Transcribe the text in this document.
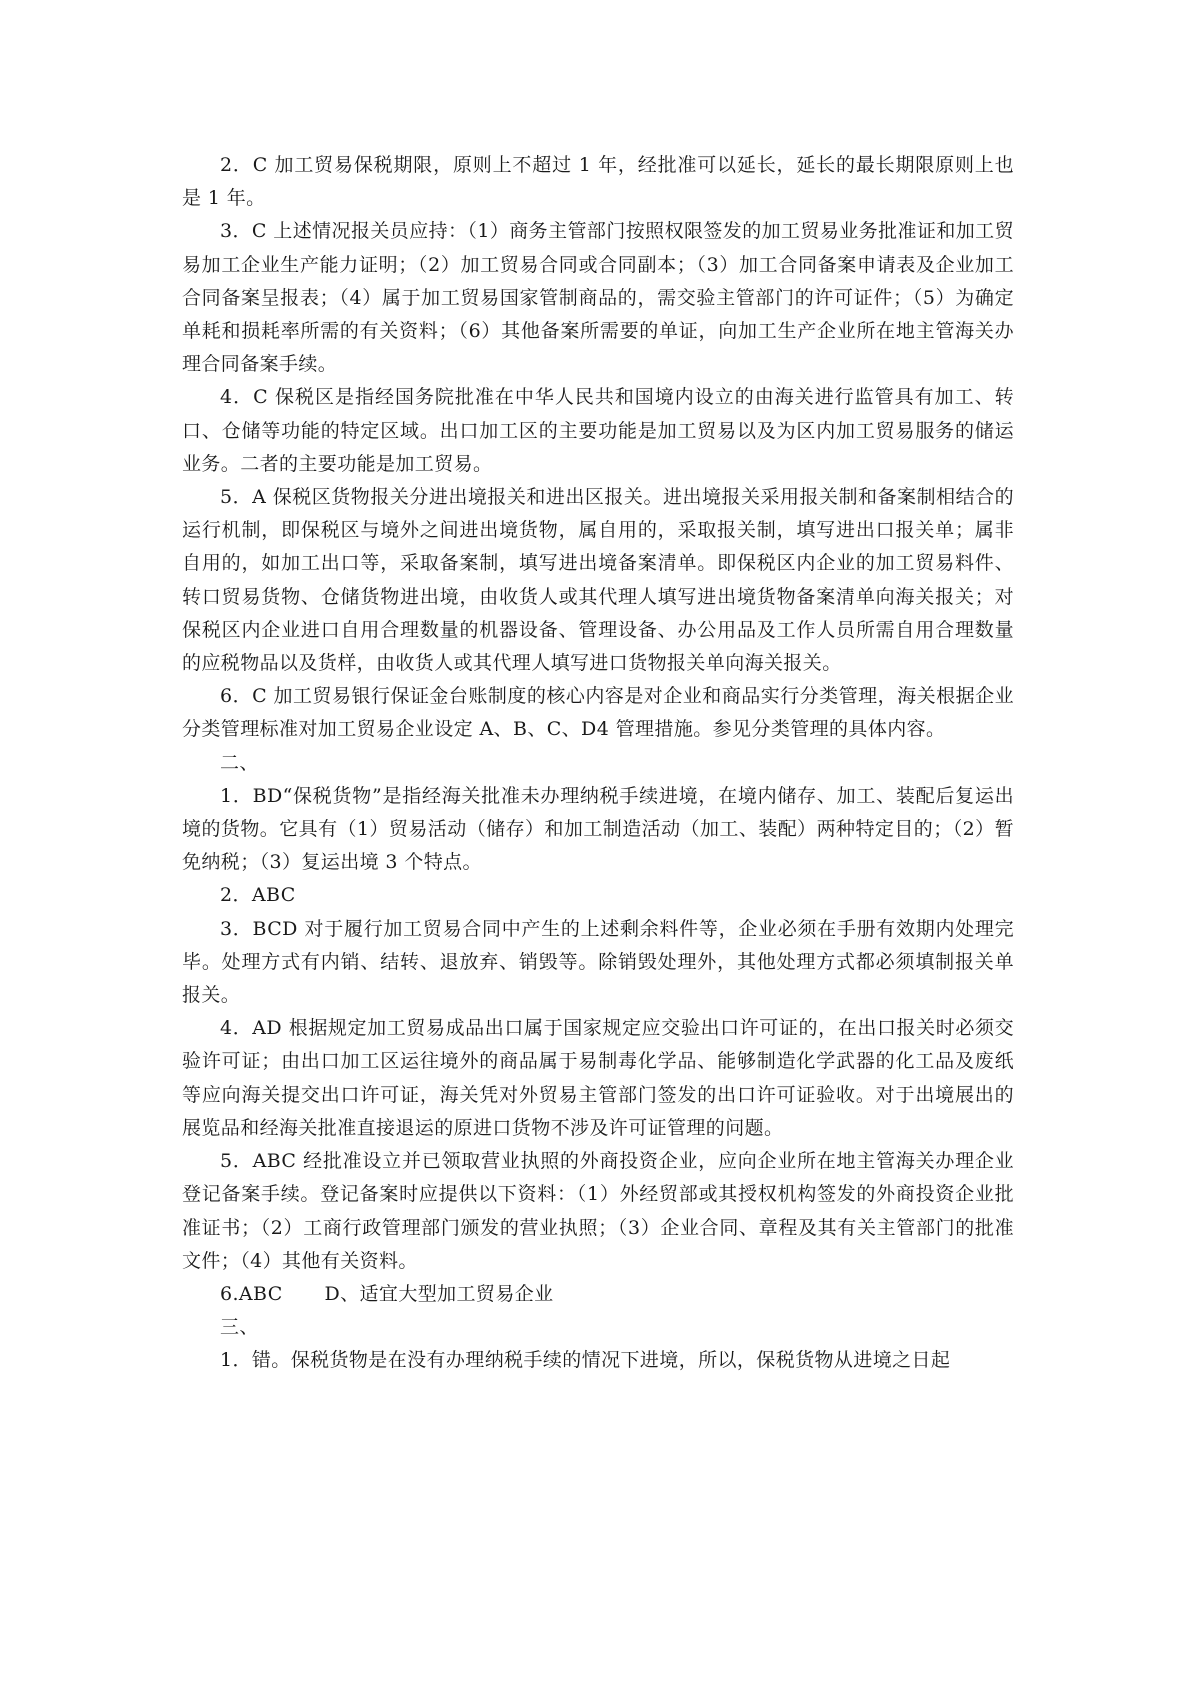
2．C 加工贸易保税期限，原则上不超过 1 年，经批准可以延长，延长的最长期限原则上也是 1 年。

3．C 上述情况报关员应持：（1）商务主管部门按照权限签发的加工贸易业务批准证和加工贸易加工企业生产能力证明；（2）加工贸易合同或合同副本；（3）加工合同备案申请表及企业加工合同备案呈报表；（4）属于加工贸易国家管制商品的，需交验主管部门的许可证件；（5）为确定单耗和损耗率所需的有关资料；（6）其他备案所需要的单证，向加工生产企业所在地主管海关办理合同备案手续。

4．C 保税区是指经国务院批准在中华人民共和国境内设立的由海关进行监管具有加工、转口、仓储等功能的特定区域。出口加工区的主要功能是加工贸易以及为区内加工贸易服务的储运业务。二者的主要功能是加工贸易。

5．A 保税区货物报关分进出境报关和进出区报关。进出境报关采用报关制和备案制相结合的运行机制，即保税区与境外之间进出境货物，属自用的，采取报关制，填写进出口报关单；属非自用的，如加工出口等，采取备案制，填写进出境备案清单。即保税区内企业的加工贸易料件、转口贸易货物、仓储货物进出境，由收货人或其代理人填写进出境货物备案清单向海关报关；对保税区内企业进口自用合理数量的机器设备、管理设备、办公用品及工作人员所需自用合理数量的应税物品以及货样，由收货人或其代理人填写进口货物报关单向海关报关。

6．C 加工贸易银行保证金台账制度的核心内容是对企业和商品实行分类管理，海关根据企业分类管理标准对加工贸易企业设定 A、B、C、D4 管理措施。参见分类管理的具体内容。

二、

1．BD“保税货物”是指经海关批准未办理纳税手续进境，在境内储存、加工、装配后复运出境的货物。它具有（1）贸易活动（储存）和加工制造活动（加工、装配）两种特定目的；（2）暂免纳税；（3）复运出境 3 个特点。

2．ABC

3．BCD 对于履行加工贸易合同中产生的上述剩余料件等，企业必须在手册有效期内处理完毕。处理方式有内销、结转、退放弃、销毁等。除销毁处理外，其他处理方式都必须填制报关单报关。

4．AD 根据规定加工贸易成品出口属于国家规定应交验出口许可证的，在出口报关时必须交验许可证；由出口加工区运往境外的商品属于易制毒化学品、能够制造化学武器的化工品及废纸等应向海关提交出口许可证，海关凭对外贸易主管部门签发的出口许可证验收。对于出境展出的展览品和经海关批准直接退运的原进口货物不涉及许可证管理的问题。

5．ABC 经批准设立并已领取营业执照的外商投资企业，应向企业所在地主管海关办理企业登记备案手续。登记备案时应提供以下资料：（1）外经贸部或其授权机构签发的外商投资企业批准证书；（2）工商行政管理部门颁发的营业执照；（3）企业合同、章程及其有关主管部门的批准文件；（4）其他有关资料。

6.ABC D、适宜大型加工贸易企业

三、

1．错。保税货物是在没有办理纳税手续的情况下进境，所以，保税货物从进境之日起
